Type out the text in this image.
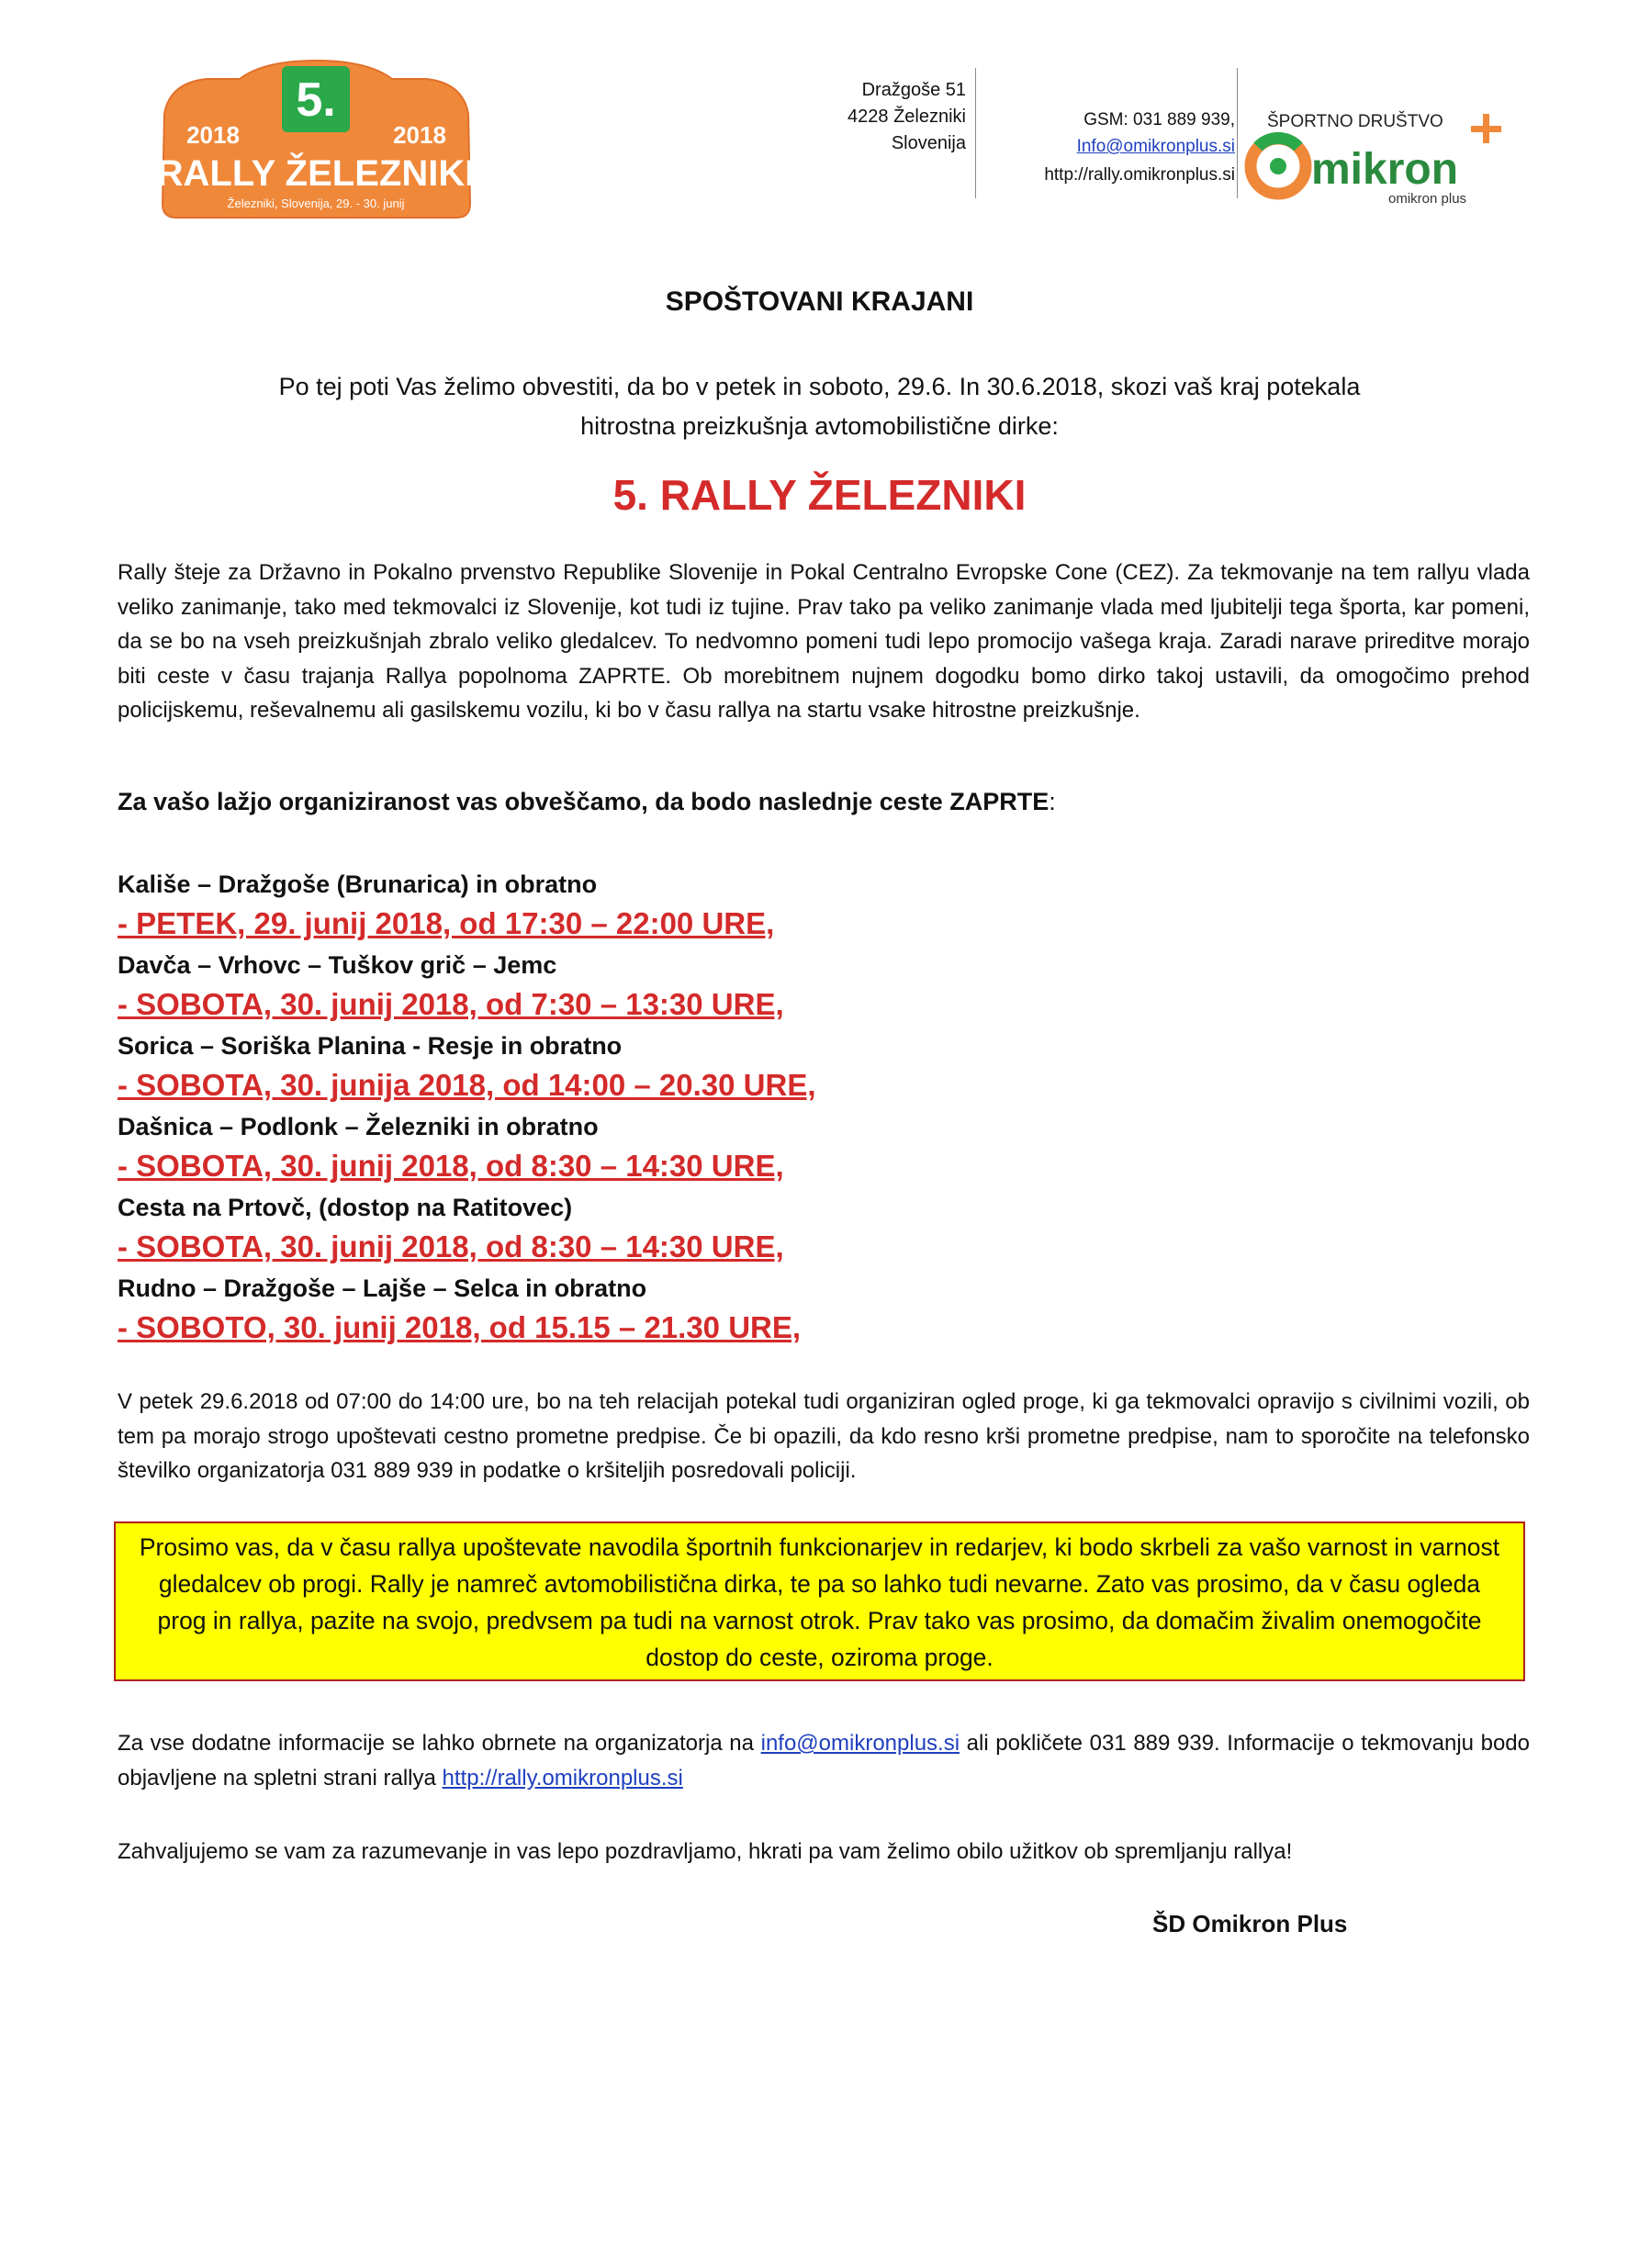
5.
2018	2018
RALLY ŽELEZNIKI
Železniki, Slovenija, 29. - 30. junij
Dražgoše 51
4228 Železniki
Slovenija
GSM: 031 889 939,
Info@omikronplus.si
http://rally.omikronplus.si
ŠPORTNO DRUŠTVO
mikron
omikron plus
SPOŠTOVANI KRAJANI
Po tej poti Vas želimo obvestiti, da bo v petek in soboto, 29.6. In 30.6.2018, skozi vaš kraj potekala
hitrostna preizkušnja avtomobilistične dirke:
5. RALLY ŽELEZNIKI
Rally šteje za Državno in Pokalno prvenstvo Republike Slovenije in Pokal Centralno Evropske Cone (CEZ). Za tekmovanje na tem rallyu vlada veliko zanimanje, tako med tekmovalci iz Slovenije, kot tudi iz tujine. Prav tako pa veliko zanimanje vlada med ljubitelji tega športa, kar pomeni, da se bo na vseh preizkušnjah zbralo veliko gledalcev. To nedvomno pomeni tudi lepo promocijo vašega kraja. Zaradi narave prireditve morajo biti ceste v času trajanja Rallya popolnoma ZAPRTE. Ob morebitnem nujnem dogodku bomo dirko takoj ustavili, da omogočimo prehod policijskemu, reševalnemu ali gasilskemu vozilu, ki bo v času rallya na startu vsake hitrostne preizkušnje.
Za vašo lažjo organiziranost vas obveščamo, da bodo naslednje ceste ZAPRTE:
Kališe – Dražgoše (Brunarica) in obratno
- PETEK, 29. junij 2018, od 17:30 – 22:00 URE,
Davča – Vrhovc – Tuškov grič – Jemc
- SOBOTA, 30. junij 2018, od 7:30 – 13:30 URE,
Sorica – Soriška Planina - Resje in obratno
- SOBOTA, 30. junija 2018, od 14:00 – 20.30 URE,
Dašnica – Podlonk – Železniki in obratno
- SOBOTA, 30. junij 2018, od 8:30 – 14:30 URE,
Cesta na Prtovč, (dostop na Ratitovec)
- SOBOTA, 30. junij 2018, od 8:30 – 14:30 URE,
Rudno – Dražgoše – Lajše – Selca in obratno
- SOBOTO, 30. junij 2018, od 15.15 – 21.30 URE,
V petek 29.6.2018 od 07:00 do 14:00 ure, bo na teh relacijah potekal tudi organiziran ogled proge, ki ga tekmovalci opravijo s civilnimi vozili, ob tem pa morajo strogo upoštevati cestno prometne predpise. Če bi opazili, da kdo resno krši prometne predpise, nam to sporočite na telefonsko številko organizatorja 031 889 939 in podatke o kršiteljih posredovali policiji.
Prosimo vas, da v času rallya upoštevate navodila športnih funkcionarjev in redarjev, ki bodo skrbeli za vašo varnost in varnost gledalcev ob progi. Rally je namreč avtomobilistična dirka, te pa so lahko tudi nevarne. Zato vas prosimo, da v času ogleda prog in rallya, pazite na svojo, predvsem pa tudi na varnost otrok. Prav tako vas prosimo, da domačim živalim onemogočite dostop do ceste, oziroma proge.
Za vse dodatne informacije se lahko obrnete na organizatorja na info@omikronplus.si ali pokličete 031 889 939. Informacije o tekmovanju bodo objavljene na spletni strani rallya http://rally.omikronplus.si
Zahvaljujemo se vam za razumevanje in vas lepo pozdravljamo, hkrati pa vam želimo obilo užitkov ob spremljanju rallya!
ŠD Omikron Plus
